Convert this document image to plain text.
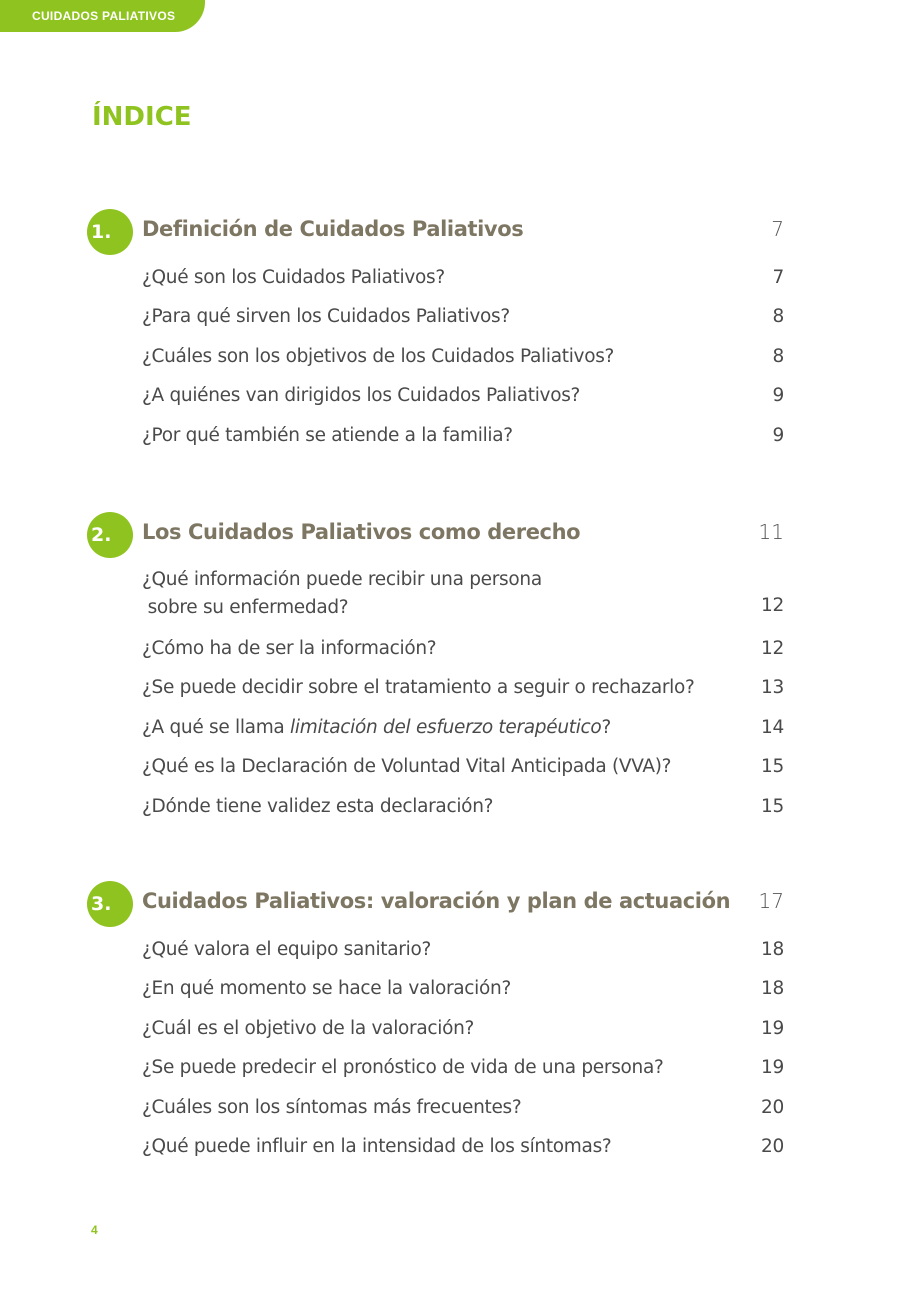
CUIDADOS PALIATIVOS
ÍNDICE
1.	Definición de Cuidados Paliativos	7
¿Qué son los Cuidados Paliativos?	7
¿Para qué sirven los Cuidados Paliativos?	8
¿Cuáles son los objetivos de los Cuidados Paliativos?	8
¿A quiénes van dirigidos los Cuidados Paliativos?	9
¿Por qué también se atiende a la familia?	9
2.	Los Cuidados Paliativos como derecho	11
¿Qué información puede recibir una persona
sobre su enfermedad?	12
¿Cómo ha de ser la información?	12
¿Se puede decidir sobre el tratamiento a seguir o rechazarlo?	13
¿A qué se llama limitación del esfuerzo terapéutico?	14
¿Qué es la Declaración de Voluntad Vital Anticipada (VVA)?	15
¿Dónde tiene validez esta declaración?	15
3.	Cuidados Paliativos: valoración y plan de actuación 17
¿Qué valora el equipo sanitario?	18
¿En qué momento se hace la valoración?	18
¿Cuál es el objetivo de la valoración?	19
¿Se puede predecir el pronóstico de vida de una persona?	19
¿Cuáles son los síntomas más frecuentes?	20
¿Qué puede influir en la intensidad de los síntomas?	20
4
